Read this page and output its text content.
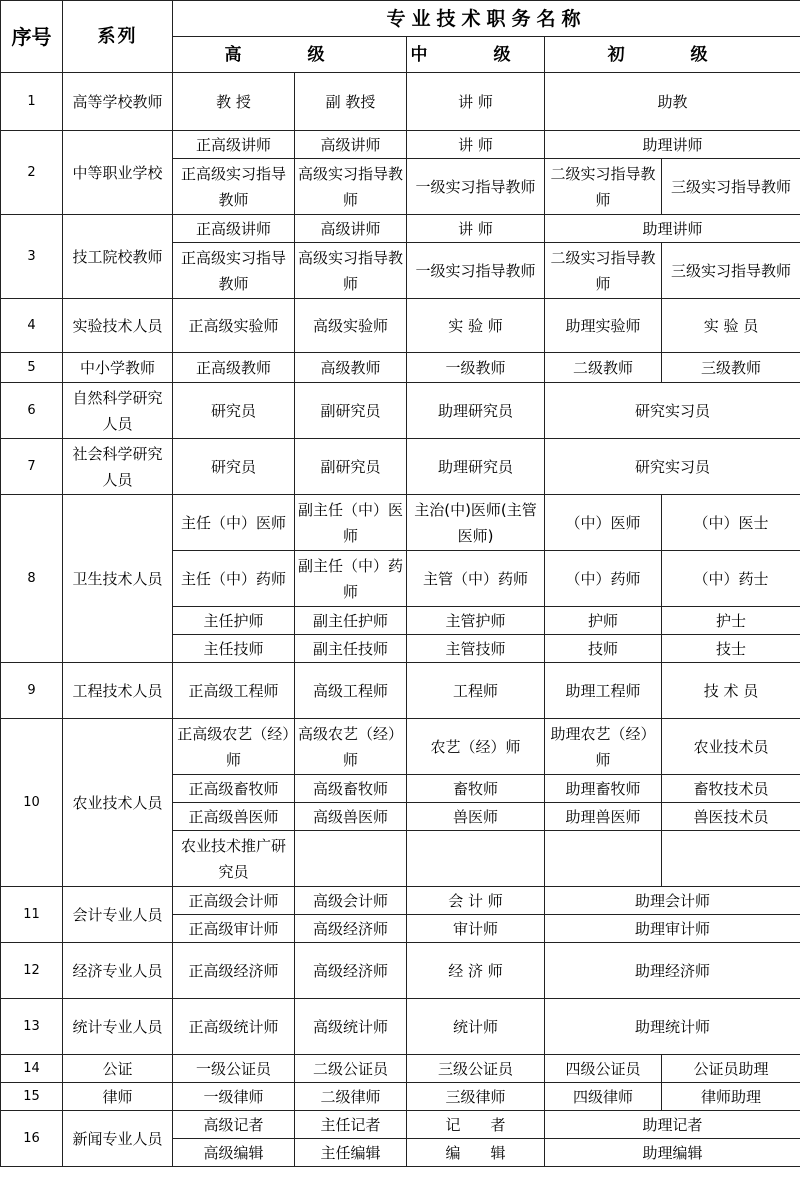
序号	系列	专业技术职务名称				
		高 级		中 级	初 级	
1	高等学校教师	教 授	副 教授	讲 师	助教	
2	中等职业学校	正高级讲师	高级讲师	讲 师	助理讲师	
		正高级实习指导教师	高级实习指导教师	一级实习指导教师	二级实习指导教师	三级实习指导教师
3	技工院校教师	正高级讲师	高级讲师	讲 师	助理讲师	
		正高级实习指导教师	高级实习指导教师	一级实习指导教师	二级实习指导教师	三级实习指导教师
4	实验技术人员	正高级实验师	高级实验师	实 验 师	助理实验师	实 验 员
5	中小学教师	正高级教师	高级教师	一级教师	二级教师	三级教师
6	自然科学研究人员	研究员	副研究员	助理研究员	研究实习员	
7	社会科学研究人员	研究员	副研究员	助理研究员	研究实习员	
8	卫生技术人员	主任（中）医师	副主任（中）医师	主治(中)医师(主管医师)	（中）医师	（中）医士
		主任（中）药师	副主任（中）药师	主管（中）药师	（中）药师	（中）药士
		主任护师	副主任护师	主管护师	护师	护士
		主任技师	副主任技师	主管技师	技师	技士
9	工程技术人员	正高级工程师	高级工程师	工程师	助理工程师	技 术 员
10	农业技术人员	正高级农艺（经）师	高级农艺（经）师	农艺（经）师	助理农艺（经）师	农业技术员
		正高级畜牧师	高级畜牧师	畜牧师	助理畜牧师	畜牧技术员
		正高级兽医师	高级兽医师	兽医师	助理兽医师	兽医技术员
		农业技术推广研究员				
11	会计专业人员	正高级会计师	高级会计师	会 计 师	助理会计师	
		正高级审计师	高级经济师	审计师	助理审计师	
12	经济专业人员	正高级经济师	高级经济师	经 济 师	助理经济师	
13	统计专业人员	正高级统计师	高级统计师	统计师	助理统计师	
14	公证	一级公证员	二级公证员	三级公证员	四级公证员	公证员助理
15	律师	一级律师	二级律师	三级律师	四级律师	律师助理
16	新闻专业人员	高级记者	主任记者	记　　者	助理记者	
		高级编辑	主任编辑	编　　辑	助理编辑	
